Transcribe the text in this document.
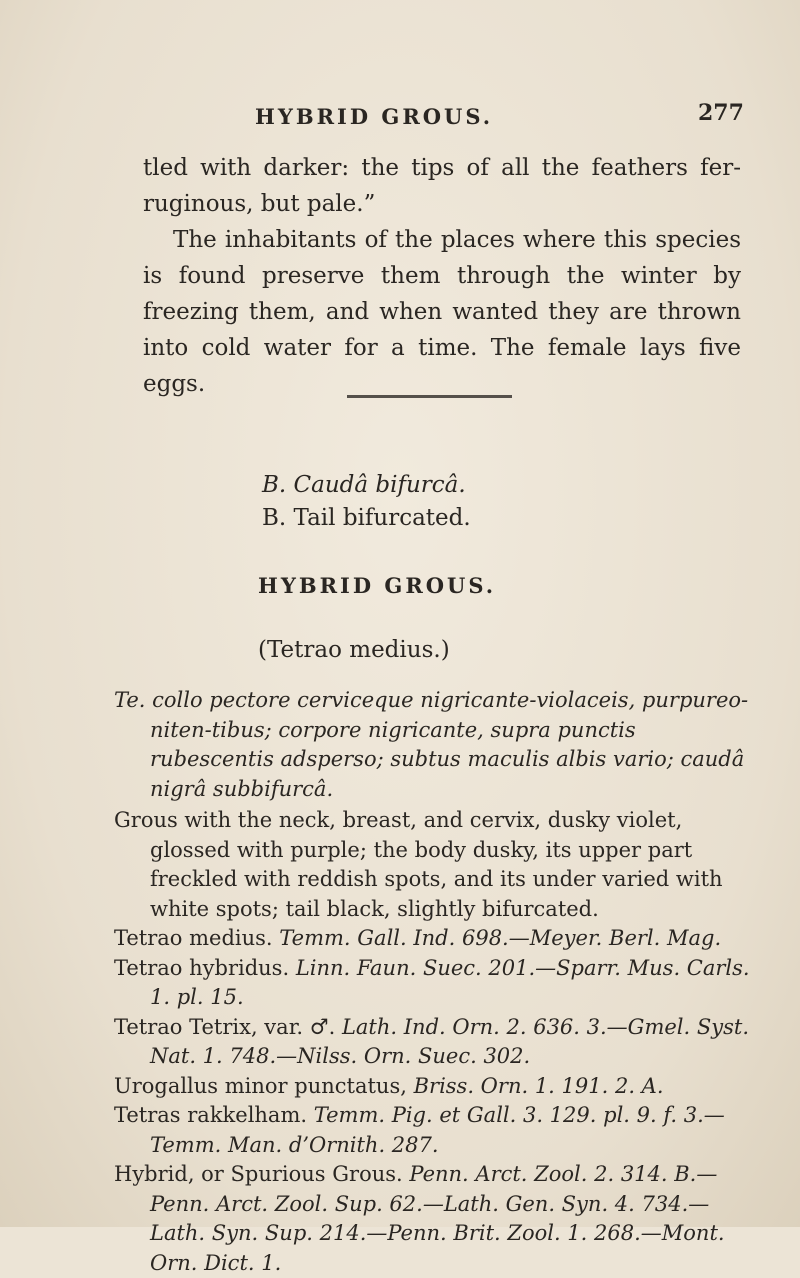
HYBRID GROUS.	277

tled with darker: the tips of all the feathers fer-ruginous, but pale.”

The inhabitants of the places where this species is found preserve them through the winter by freezing them, and when wanted they are thrown into cold water for a time. The female lays five eggs.

B. Caudâ bifurcâ.
B. Tail bifurcated.
HYBRID GROUS.
(Tetrao medius.)

Te. collo pectore cerviceque nigricante-violaceis, purpureo-niten-tibus; corpore nigricante, supra punctis rubescentis adsperso; subtus maculis albis vario; caudâ nigrâ subbifurcâ.

Grous with the neck, breast, and cervix, dusky violet, glossed with purple; the body dusky, its upper part freckled with reddish spots, and its under varied with white spots; tail black, slightly bifurcated.

Tetrao medius. Temm. Gall. Ind. 698.—Meyer. Berl. Mag.

Tetrao hybridus. Linn. Faun. Suec. 201.—Sparr. Mus. Carls. 1. pl. 15.

Tetrao Tetrix, var. ♂. Lath. Ind. Orn. 2. 636. 3.—Gmel. Syst. Nat. 1. 748.—Nilss. Orn. Suec. 302.

Urogallus minor punctatus, Briss. Orn. 1. 191. 2. A.

Tetras rakkelham. Temm. Pig. et Gall. 3. 129. pl. 9. f. 3.—Temm. Man. d’Ornith. 287.

Hybrid, or Spurious Grous. Penn. Arct. Zool. 2. 314. B.—Penn. Arct. Zool. Sup. 62.—Lath. Gen. Syn. 4. 734.—Lath. Syn. Sup. 214.—Penn. Brit. Zool. 1. 268.—Mont. Orn. Dict. 1.
